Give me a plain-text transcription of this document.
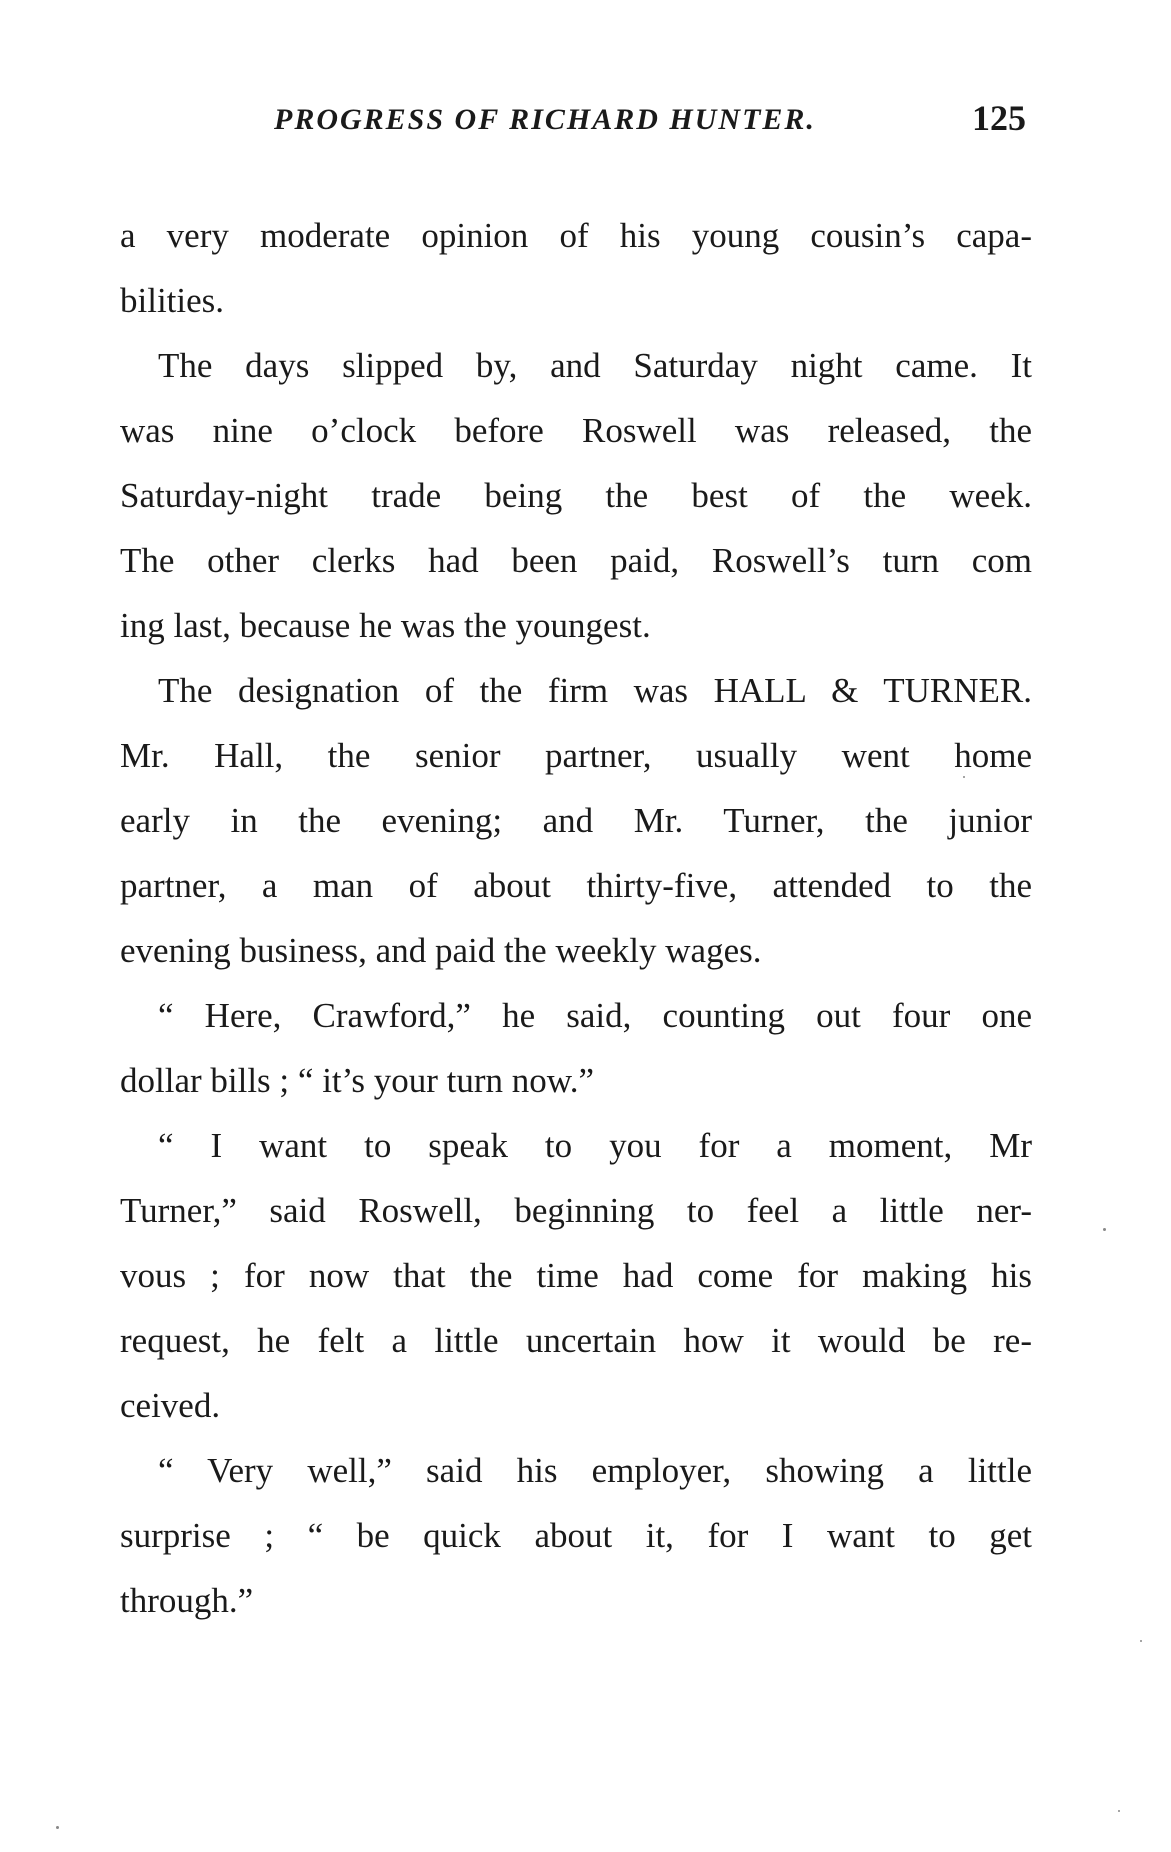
PROGRESS OF RICHARD HUNTER.	125
a very moderate opinion of his young cousin’s capa-
bilities.
The days slipped by, and Saturday night came. It
was nine o’clock before Roswell was released, the
Saturday-night trade being the best of the week.
The other clerks had been paid, Roswell’s turn com
ing last, because he was the youngest.
The designation of the firm was HALL & TURNER.
Mr. Hall, the senior partner, usually went home
early in the evening; and Mr. Turner, the junior
partner, a man of about thirty-five, attended to the
evening business, and paid the weekly wages.
“ Here, Crawford,” he said, counting out four one
dollar bills ; “ it’s your turn now.”
“ I want to speak to you for a moment, Mr
Turner,” said Roswell, beginning to feel a little ner-
vous ; for now that the time had come for making his
request, he felt a little uncertain how it would be re-
ceived.
“ Very well,” said his employer, showing a little
surprise ; “ be quick about it, for I want to get
through.”
